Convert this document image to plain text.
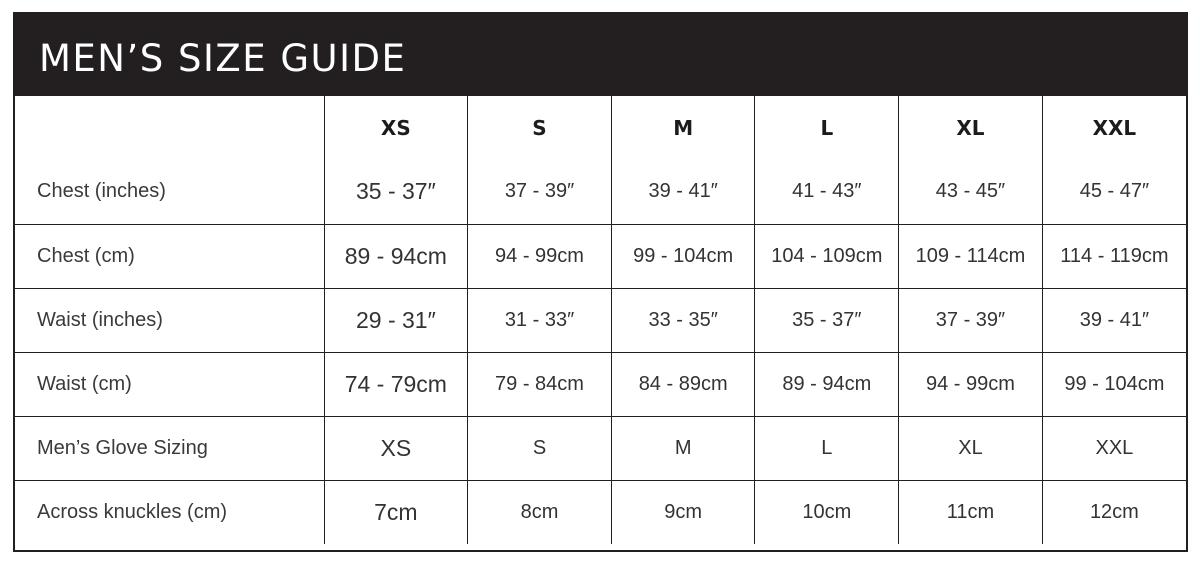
MEN’S SIZE GUIDE
	XS	S	M	L	XL	XXL
Chest (inches)	35 - 37″	37 - 39″	39 - 41″	41 - 43″	43 - 45″	45 - 47″
Chest (cm)	89 - 94cm	94 - 99cm	99 - 104cm	104 - 109cm	109 - 114cm	114 - 119cm
Waist (inches)	29 - 31″	31 - 33″	33 - 35″	35 - 37″	37 - 39″	39 - 41″
Waist (cm)	74 - 79cm	79 - 84cm	84 - 89cm	89 - 94cm	94 - 99cm	99 - 104cm
Men’s Glove Sizing	XS	S	M	L	XL	XXL
Across knuckles (cm)	7cm	8cm	9cm	10cm	11cm	12cm
